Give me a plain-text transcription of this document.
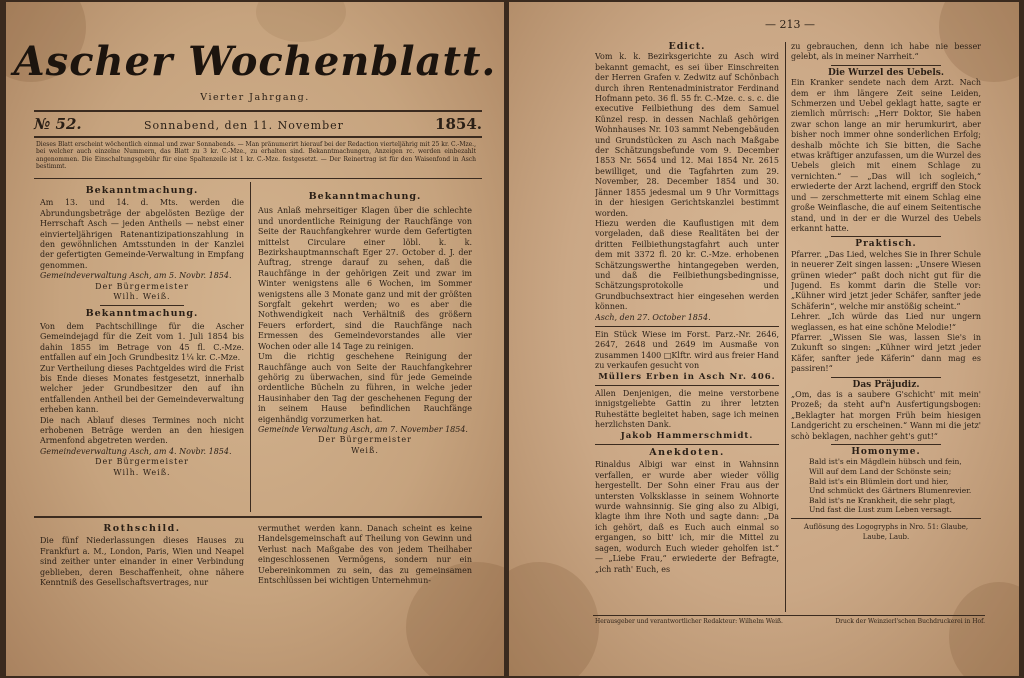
Ascher Wochenblatt.
Vierter Jahrgang.
№ 52.	Sonnabend, den 11. November	1854.
Dieses Blatt erscheint wöchentlich einmal und zwar Sonnabends. — Man pränumerirt hierauf bei der Redaction vierteljährig mit 25 kr. C.-Mze., bei welcher auch einzelne Nummern, das Blatt zu 3 kr. C.-Mze., zu erhalten sind. Bekanntmachungen, Anzeigen rc. werden einbezahlt angenommen. Die Einschaltungsgebühr für eine Spaltenzeile ist 1 kr. C.-Mze. festgesetzt. — Der Reinertrag ist für den Waisenfond in Asch bestimmt.
Bekanntmachung.

Am 13. und 14. d. Mts. werden die Abrundungsbeträge der abgelösten Bezüge der Herrschaft Asch — jeden Antheils — nebst einer einvierteljährigen Ratenantizipationszahlung in den gewöhnlichen Amtsstunden in der Kanzlei der gefertigten Gemeinde-Verwaltung in Empfang genommen.

Gemeindeverwaltung Asch, am 5. Novbr. 1854.

Der Bürgermeister

Wilh. Weiß.

Bekanntmachung.

Von dem Pachtschillinge für die Ascher Gemeindejagd für die Zeit vom 1. Juli 1854 bis dahin 1855 im Betrage von 45 fl. C.-Mze. entfallen auf ein Joch Grundbesitz 1¼ kr. C.-Mze.

Zur Vertheilung dieses Pachtgeldes wird die Frist bis Ende dieses Monates festgesetzt, innerhalb welcher jeder Grundbesitzer den auf ihn entfallenden Antheil bei der Gemeindeverwaltung erheben kann.

Die nach Ablauf dieses Termines noch nicht erhobenen Beträge werden an den hiesigen Armenfond abgetreten werden.

Gemeindeverwaltung Asch, am 4. Novbr. 1854.

Der Bürgermeister

Wilh. Weiß.

Bekanntmachung.

Aus Anlaß mehrseitiger Klagen über die schlechte und unordentliche Reinigung der Rauchfänge von Seite der Rauchfangkehrer wurde dem Gefertigten mittelst Circulare einer löbl. k. k. Bezirkshauptmannschaft Eger 27. October d. J. der Auftrag, strenge darauf zu sehen, daß die Rauchfänge in der gehörigen Zeit und zwar im Winter wenigstens alle 6 Wochen, im Sommer wenigstens alle 3 Monate ganz und mit der größten Sorgfalt gekehrt werden; wo es aber die Nothwendigkeit nach Verhältniß des größern Feuers erfordert, sind die Rauchfänge nach Ermessen des Gemeindevorstandes alle vier Wochen oder alle 14 Tage zu reinigen.

Um die richtig geschehene Reinigung der Rauchfänge auch von Seite der Rauchfangkehrer gehörig zu überwachen, sind für jede Gemeinde ordentliche Bücheln zu führen, in welche jeder Hausinhaber den Tag der geschehenen Fegung der in seinem Hause befindlichen Rauchfänge eigenhändig vorzumerken hat.

Gemeinde Verwaltung Asch, am 7. November 1854.

Der Bürgermeister

Weiß.

Rothschild.

Die fünf Niederlassungen dieses Hauses zu Frankfurt a. M., London, Paris, Wien und Neapel sind zeither unter einander in einer Verbindung geblieben, deren Beschaffenheit, ohne nähere Kenntniß des Gesellschaftsvertrages, nur

vermuthet werden kann. Danach scheint es keine Handelsgemeinschaft auf Theilung von Gewinn und Verlust nach Maßgabe des von jedem Theilhaber eingeschlossenen Vermögens, sondern nur ein Uebereinkommen zu sein, das zu gemeinsamen Entschlüssen bei wichtigen Unternehmun-

— 213 —
Edict.

Vom k. k. Bezirksgerichte zu Asch wird bekannt gemacht, es sei über Einschreiten der Herren Grafen v. Zedwitz auf Schönbach durch ihren Rentenadministrator Ferdinand Hofmann peto. 36 fl. 55 fr. C.-Mze. c. s. c. die executive Feilbiethung des dem Samuel Künzel resp. in dessen Nachlaß gehörigen Wohnhauses Nr. 103 sammt Nebengebäuden und Grundstücken zu Asch nach Maßgabe der Schätzungsbefunde vom 9. December 1853 Nr. 5654 und 12. Mai 1854 Nr. 2615 bewilliget, und die Tagfahrten zum 29. November, 28. December 1854 und 30. Jänner 1855 jedesmal um 9 Uhr Vormittags in der hiesigen Gerichtskanzlei bestimmt worden.

Hiezu werden die Kauflustigen mit dem vorgeladen, daß diese Realitäten bei der dritten Feilbiethungstagfahrt auch unter dem mit 3372 fl. 20 kr. C.-Mze. erhobenen Schätzungswerthe hintangegeben werden, und daß die Feilbiethungsbedingnisse, Schätzungsprotokolle und Grundbuchsextract hier eingesehen werden können.

Asch, den 27. October 1854.

Ein Stück Wiese im Forst. Parz.-Nr. 2646, 2647, 2648 und 2649 im Ausmaße von zusammen 1400 □Klftr. wird aus freier Hand zu verkaufen gesucht von

Müllers Erben in Asch Nr. 406.

Allen Denjenigen, die meine verstorbene innigstgeliebte Gattin zu ihrer letzten Ruhestätte begleitet haben, sage ich meinen herzlichsten Dank.

Jakob Hammerschmidt.

Anekdoten.

Rinaldus Albigi war einst in Wahnsinn verfallen, er wurde aber wieder völlig hergestellt. Der Sohn einer Frau aus der untersten Volksklasse in seinem Wohnorte wurde wahnsinnig. Sie ging also zu Albigi, klagte ihm ihre Noth und sagte dann: „Da ich gehört, daß es Euch auch einmal so ergangen, so bitt' ich, mir die Mittel zu sagen, wodurch Euch wieder geholfen ist.“ — „Liebe Frau,“ erwiederte der Befragte, „ich rath' Euch, es

zu gebrauchen, denn ich habe nie besser gelebt, als in meiner Narrheit.“

Die Wurzel des Uebels.

Ein Kranker sendete nach dem Arzt. Nach dem er ihm längere Zeit seine Leiden, Schmerzen und Uebel geklagt hatte, sagte er ziemlich mürrisch: „Herr Doktor, Sie haben zwar schon lange an mir herumkurirt, aber bisher noch immer ohne sonderlichen Erfolg; deshalb möchte ich Sie bitten, die Sache etwas kräftiger anzufassen, um die Wurzel des Uebels gleich mit einem Schlage zu vernichten.“ — „Das will ich sogleich,“ erwiederte der Arzt lachend, ergriff den Stock und — zerschmetterte mit einem Schlag eine große Weinflasche, die auf einem Seitentische stand, und in der er die Wurzel des Uebels erkannt hatte.

Praktisch.

Pfarrer. „Das Lied, welches Sie in Ihrer Schule in neuerer Zeit singen lassen: „Unsere Wiesen grünen wieder“ paßt doch nicht gut für die Jugend. Es kommt darin die Stelle vor: „Kühner wird jetzt jeder Schäfer, sanfter jede Schäferin“, welche mir anstößig scheint.“

Lehrer. „Ich würde das Lied nur ungern weglassen, es hat eine schöne Melodie!“

Pfarrer. „Wissen Sie was, lassen Sie's in Zukunft so singen: „Kühner wird jetzt jeder Käfer, sanfter jede Käferin“ dann mag es passiren!“

Das Präjudiz.

„Om, das is a saubere G'schicht' mit mein' Prozeß; da steht auf'n Ausfertigungsbogen: „Beklagter hat morgen Früh beim hiesigen Landgericht zu erscheinen.“ Wann mi die jetz' schò beklagen, nachher geht's gut!“

Homonyme.
Bald ist's ein Mägdlein hübsch und fein,
Will auf dem Land der Schönste sein;
Bald ist's ein Blümlein dort und hier,
Und schmückt des Gärtners Blumenrevier.
Bald ist's ne Krankheit, die sehr plagt,
Und fast die Lust zum Leben versagt.

Auflösung des Logogryphs in Nro. 51: Glaube, Laube, Laub.

Herausgeber und verantwortlicher Redakteur: Wilhelm Weiß.	Druck der Weinzierl'schen Buchdruckerei in Hof.
